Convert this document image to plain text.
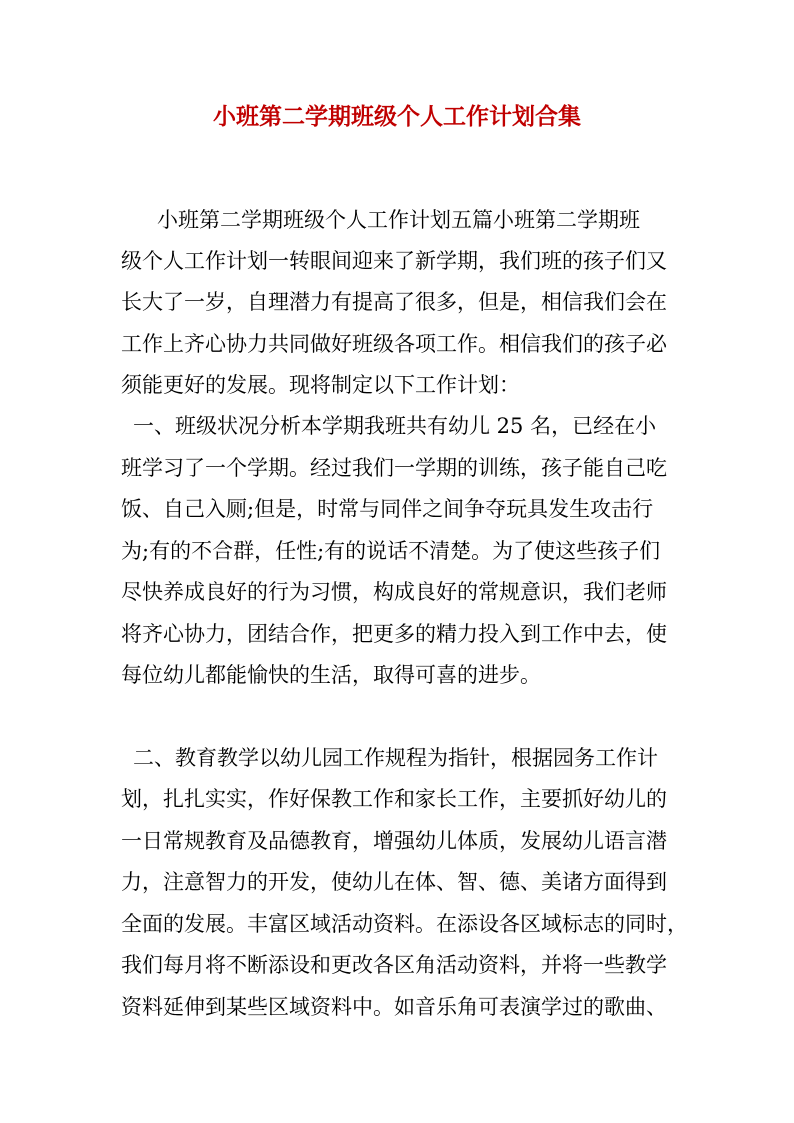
小班第二学期班级个人工作计划合集
小班第二学期班级个人工作计划五篇小班第二学期班
级个人工作计划一转眼间迎来了新学期，我们班的孩子们又
长大了一岁，自理潜力有提高了很多，但是，相信我们会在
工作上齐心协力共同做好班级各项工作。相信我们的孩子必
须能更好的发展。现将制定以下工作计划：
一、班级状况分析本学期我班共有幼儿 25 名，已经在小
班学习了一个学期。经过我们一学期的训练，孩子能自己吃
饭、自己入厕;但是，时常与同伴之间争夺玩具发生攻击行
为;有的不合群，任性;有的说话不清楚。为了使这些孩子们
尽快养成良好的行为习惯，构成良好的常规意识，我们老师
将齐心协力，团结合作，把更多的精力投入到工作中去，使
每位幼儿都能愉快的生活，取得可喜的进步。
二、教育教学以幼儿园工作规程为指针，根据园务工作计
划，扎扎实实，作好保教工作和家长工作，主要抓好幼儿的
一日常规教育及品德教育，增强幼儿体质，发展幼儿语言潜
力，注意智力的开发，使幼儿在体、智、德、美诸方面得到
全面的发展。丰富区域活动资料。在添设各区域标志的同时，
我们每月将不断添设和更改各区角活动资料，并将一些教学
资料延伸到某些区域资料中。如音乐角可表演学过的歌曲、
